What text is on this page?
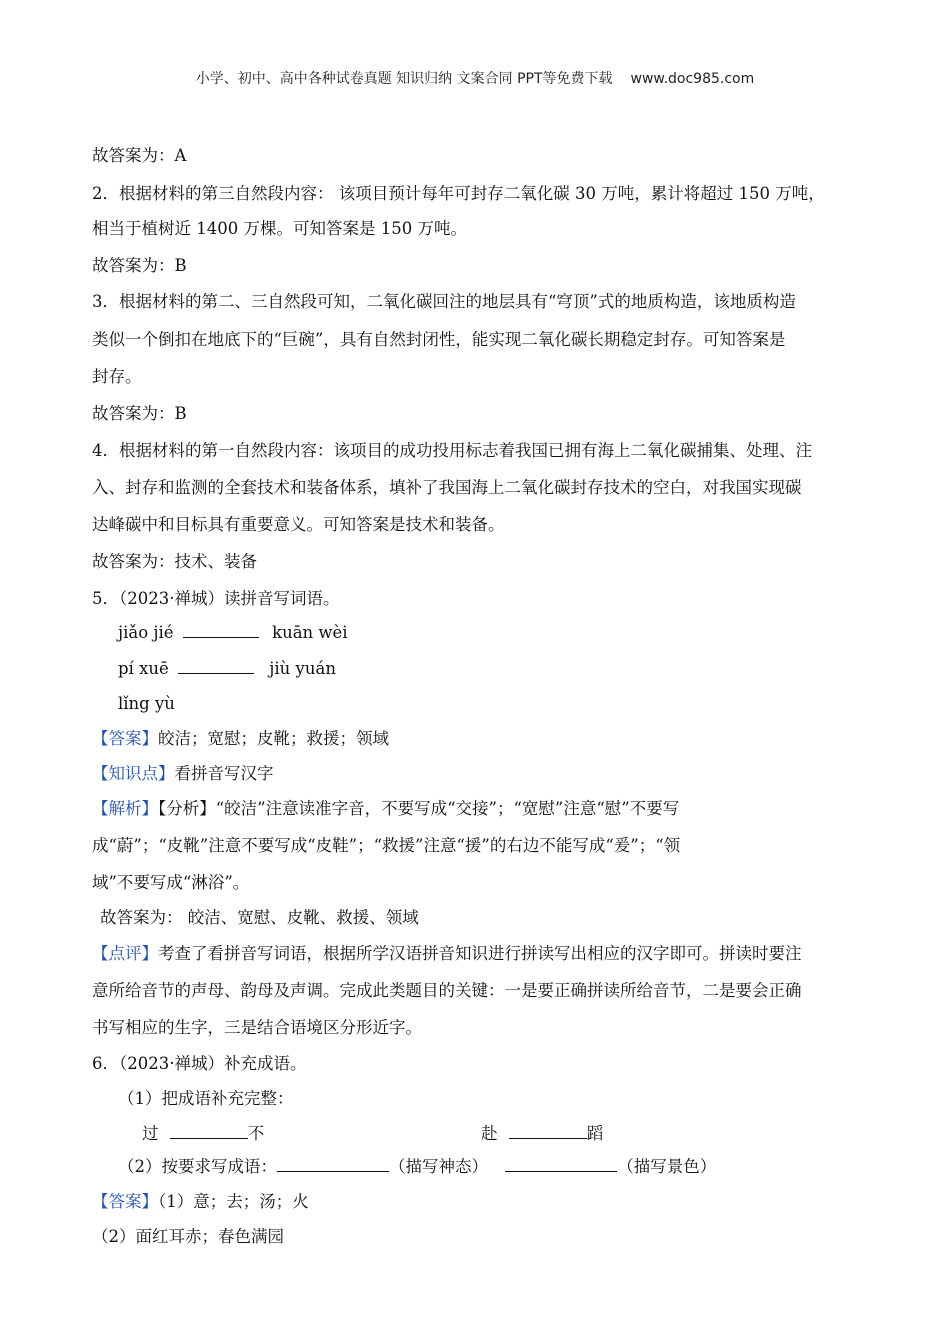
小学、初中、高中各种试卷真题 知识归纳 文案合同 PPT等免费下载 www.doc985.com
故答案为：A
2．根据材料的第三自然段内容： 该项目预计每年可封存二氧化碳 30 万吨，累计将超过 150 万吨，
相当于植树近 1400 万棵。可知答案是 150 万吨。
故答案为：B
3．根据材料的第二、三自然段可知，二氧化碳回注的地层具有“穹顶”式的地质构造，该地质构造
类似一个倒扣在地底下的“巨碗”，具有自然封闭性，能实现二氧化碳长期稳定封存。可知答案是
封存。
故答案为：B
4．根据材料的第一自然段内容：该项目的成功投用标志着我国已拥有海上二氧化碳捕集、处理、注
入、封存和监测的全套技术和装备体系，填补了我国海上二氧化碳封存技术的空白，对我国实现碳
达峰碳中和目标具有重要意义。可知答案是技术和装备。
故答案为：技术、装备
5．（2023·禅城）读拼音写词语。
jiǎo jié	kuān wèi
pí xuē	jiù yuán
lǐng yù
【答案】皎洁；宽慰；皮靴；救援；领域
【知识点】看拼音写汉字
【解析】【分析】“皎洁”注意读准字音，不要写成“交接”；“宽慰”注意“慰”不要写
成“蔚”；“皮靴”注意不要写成“皮鞋”；“救援”注意“援”的右边不能写成“爰”；“领
域”不要写成“淋浴”。
故答案为： 皎洁、宽慰、皮靴、救援、领域
【点评】考查了看拼音写词语，根据所学汉语拼音知识进行拼读写出相应的汉字即可。拼读时要注
意所给音节的声母、韵母及声调。完成此类题目的关键：一是要正确拼读所给音节，二是要会正确
书写相应的生字，三是结合语境区分形近字。
6．（2023·禅城）补充成语。
（1）把成语补充完整：
过	不	赴	蹈
（2）按要求写成语：	（描写神态）	（描写景色）
【答案】（1）意；去；汤；火
（2）面红耳赤；春色满园
